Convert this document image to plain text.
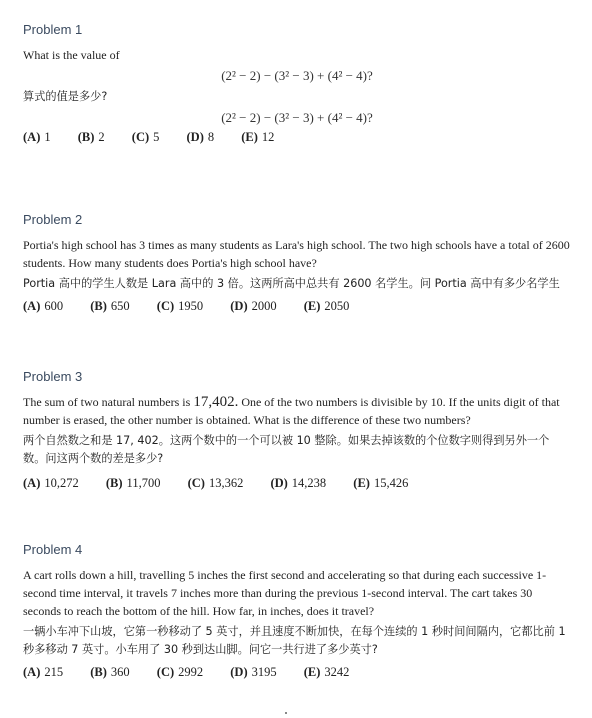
Problem 1

What is the value of

(2² − 2) − (3² − 3) + (4² − 4)?

算式的值是多少?

(2² − 2) − (3² − 3) + (4² − 4)?
(A) 1 (B) 2 (C) 5 (D) 8 (E) 12
Problem 2

Portia's high school has 3 times as many students as Lara's high school. The two high schools have a total of 2600 students. How many students does Portia's high school have?

Portia 高中的学生人数是 Lara 高中的 3 倍。这两所高中总共有 2600 名学生。问 Portia 高中有多少名学生

(A) 600 (B) 650 (C) 1950 (D) 2000 (E) 2050
Problem 3

The sum of two natural numbers is 17,402. One of the two numbers is divisible by 10. If the units digit of that number is erased, the other number is obtained. What is the difference of these two numbers?

两个自然数之和是 17, 402。这两个数中的一个可以被 10 整除。如果去掉该数的个位数字则得到另外一个数。问这两个数的差是多少?

(A) 10,272 (B) 11,700 (C) 13,362 (D) 14,238 (E) 15,426
Problem 4

A cart rolls down a hill, travelling 5 inches the first second and accelerating so that during each successive 1-second time interval, it travels 7 inches more than during the previous 1-second interval. The cart takes 30 seconds to reach the bottom of the hill. How far, in inches, does it travel?

一辆小车冲下山坡，它第一秒移动了 5 英寸，并且速度不断加快，在每个连续的 1 秒时间间隔内，它都比前 1 秒多移动 7 英寸。小车用了 30 秒到达山脚。问它一共行进了多少英寸?

(A) 215 (B) 360 (C) 2992 (D) 3195 (E) 3242
